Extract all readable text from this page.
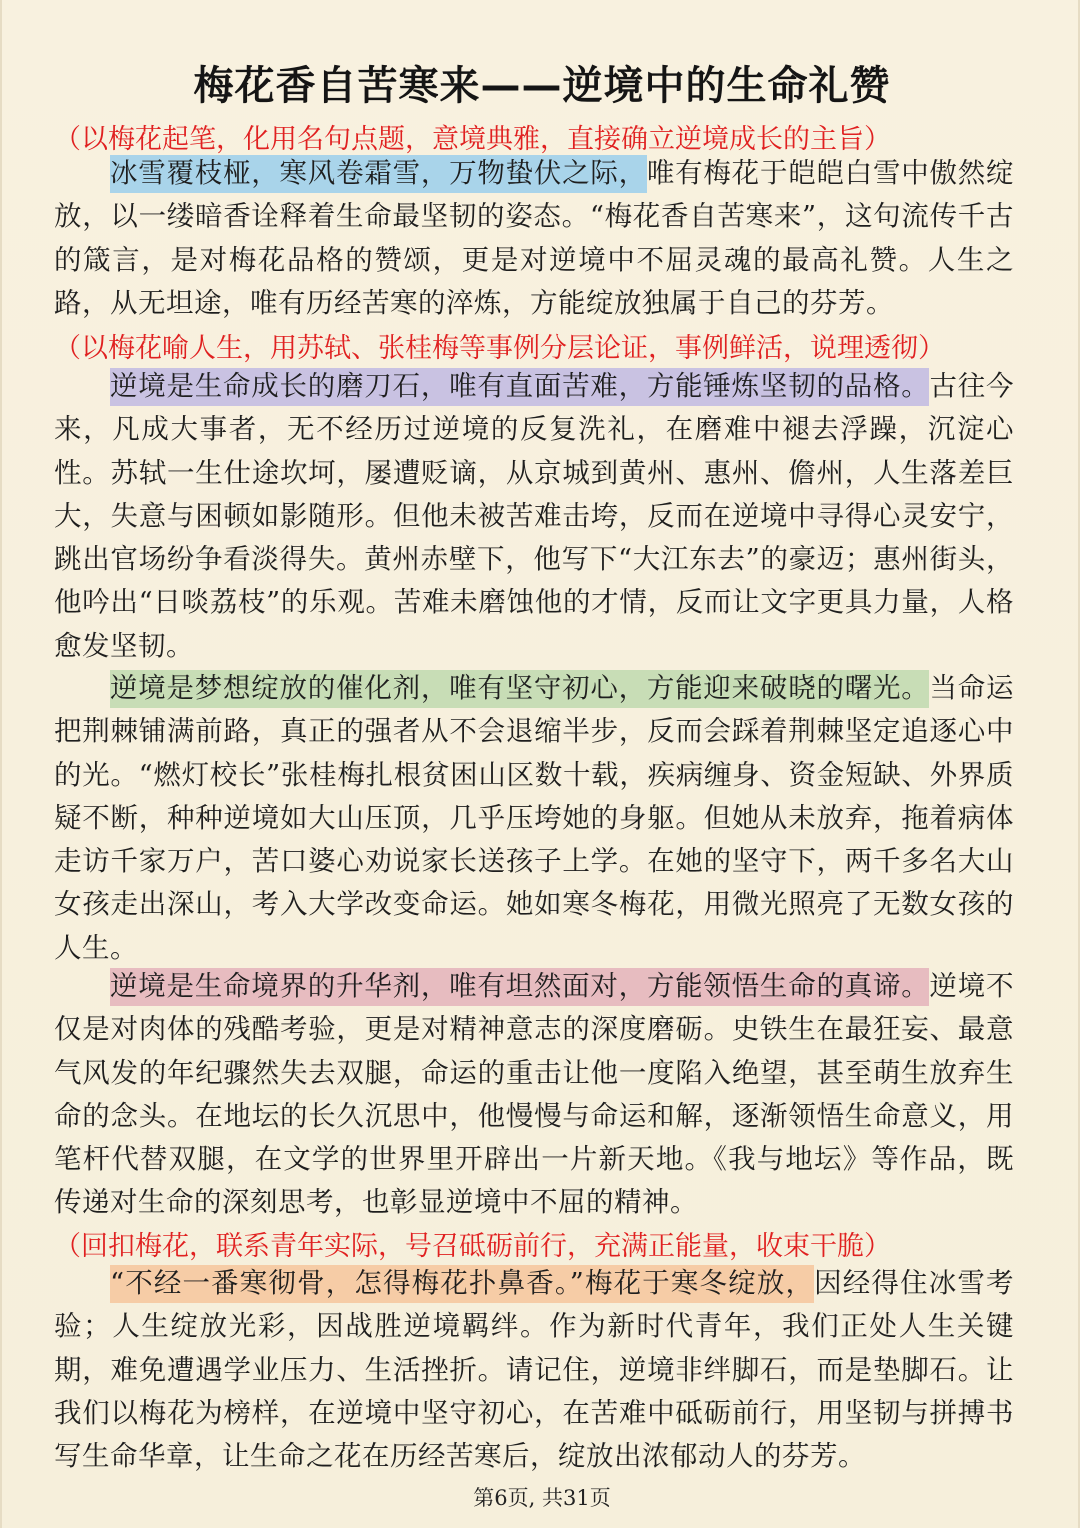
梅花香自苦寒来——逆境中的生命礼赞
（以梅花起笔，化用名句点题，意境典雅，直接确立逆境成长的主旨）
冰雪覆枝桠，寒风卷霜雪，万物蛰伏之际，唯有梅花于皑皑白雪中傲然绽放，以一缕暗香诠释着生命最坚韧的姿态。“梅花香自苦寒来”，这句流传千古的箴言，是对梅花品格的赞颂，更是对逆境中不屈灵魂的最高礼赞。人生之路，从无坦途，唯有历经苦寒的淬炼，方能绽放独属于自己的芬芳。
（以梅花喻人生，用苏轼、张桂梅等事例分层论证，事例鲜活，说理透彻）
逆境是生命成长的磨刀石，唯有直面苦难，方能锤炼坚韧的品格。古往今来，凡成大事者，无不经历过逆境的反复洗礼，在磨难中褪去浮躁，沉淀心性。苏轼一生仕途坎坷，屡遭贬谪，从京城到黄州、惠州、儋州，人生落差巨大，失意与困顿如影随形。但他未被苦难击垮，反而在逆境中寻得心灵安宁，跳出官场纷争看淡得失。黄州赤壁下，他写下“大江东去”的豪迈；惠州街头，他吟出“日啖荔枝”的乐观。苦难未磨蚀他的才情，反而让文字更具力量，人格愈发坚韧。
逆境是梦想绽放的催化剂，唯有坚守初心，方能迎来破晓的曙光。当命运把荆棘铺满前路，真正的强者从不会退缩半步，反而会踩着荆棘坚定追逐心中的光。“燃灯校长”张桂梅扎根贫困山区数十载，疾病缠身、资金短缺、外界质疑不断，种种逆境如大山压顶，几乎压垮她的身躯。但她从未放弃，拖着病体走访千家万户，苦口婆心劝说家长送孩子上学。在她的坚守下，两千多名大山女孩走出深山，考入大学改变命运。她如寒冬梅花，用微光照亮了无数女孩的人生。
逆境是生命境界的升华剂，唯有坦然面对，方能领悟生命的真谛。逆境不仅是对肉体的残酷考验，更是对精神意志的深度磨砺。史铁生在最狂妄、最意气风发的年纪骤然失去双腿，命运的重击让他一度陷入绝望，甚至萌生放弃生命的念头。在地坛的长久沉思中，他慢慢与命运和解，逐渐领悟生命意义，用笔杆代替双腿，在文学的世界里开辟出一片新天地。《我与地坛》等作品，既传递对生命的深刻思考，也彰显逆境中不屈的精神。
（回扣梅花，联系青年实际，号召砥砺前行，充满正能量，收束干脆）
“不经一番寒彻骨，怎得梅花扑鼻香。”梅花于寒冬绽放，因经得住冰雪考验；人生绽放光彩，因战胜逆境羁绊。作为新时代青年，我们正处人生关键期，难免遭遇学业压力、生活挫折。请记住，逆境非绊脚石，而是垫脚石。让我们以梅花为榜样，在逆境中坚守初心，在苦难中砥砺前行，用坚韧与拼搏书写生命华章，让生命之花在历经苦寒后，绽放出浓郁动人的芬芳。
第6页, 共31页
